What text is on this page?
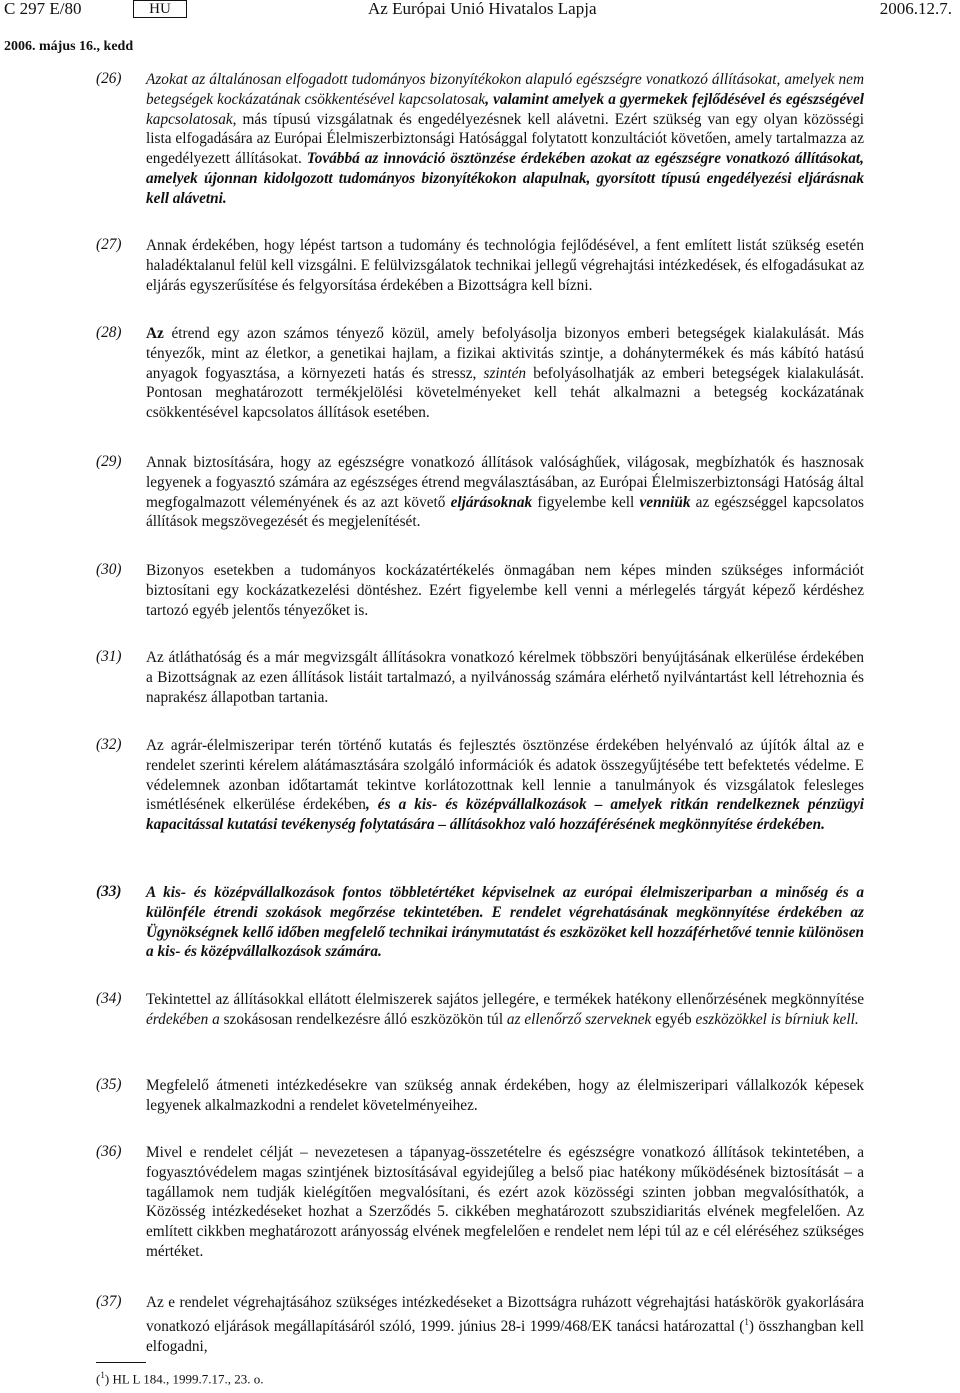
C 297 E/80	HU	Az Európai Unió Hivatalos Lapja	2006.12.7.
2006. május 16., kedd
(26) Azokat az általánosan elfogadott tudományos bizonyítékokon alapuló egészségre vonatkozó állításokat, amelyek nem betegségek kockázatának csökkentésével kapcsolatosak, valamint amelyek a gyermekek fejlődésével és egészségével kapcsolatosak, más típusú vizsgálatnak és engedélyezésnek kell alávetni. Ezért szükség van egy olyan közösségi lista elfogadására az Európai Élelmiszerbiztonsági Hatósággal folytatott konzultációt követően, amely tartalmazza az engedélyezett állításokat. Továbbá az innováció ösztönzése érdekében azokat az egészségre vonatkozó állításokat, amelyek újonnan kidolgozott tudományos bizonyítékokon alapulnak, gyorsított típusú engedélyezési eljárásnak kell alávetni.
(27) Annak érdekében, hogy lépést tartson a tudomány és technológia fejlődésével, a fent említett listát szükség esetén haladéktalanul felül kell vizsgálni. E felülvizsgálatok technikai jellegű végrehajtási intézkedések, és elfogadásukat az eljárás egyszerűsítése és felgyorsítása érdekében a Bizottságra kell bízni.
(28) Az étrend egy azon számos tényező közül, amely befolyásolja bizonyos emberi betegségek kialakulását. Más tényezők, mint az életkor, a genetikai hajlam, a fizikai aktivitás szintje, a dohánytermékek és más kábító hatású anyagok fogyasztása, a környezeti hatás és stressz, szintén befolyásolhatják az emberi betegségek kialakulását. Pontosan meghatározott termékjelölési követelményeket kell tehát alkalmazni a betegség kockázatának csökkentésével kapcsolatos állítások esetében.
(29) Annak biztosítására, hogy az egészségre vonatkozó állítások valósághűek, világosak, megbízhatók és hasznosak legyenek a fogyasztó számára az egészséges étrend megválasztásában, az Európai Élelmiszerbiztonsági Hatóság által megfogalmazott véleményének és az azt követő eljárásoknak figyelembe kell venniük az egészséggel kapcsolatos állítások megszövegezését és megjelenítését.
(30) Bizonyos esetekben a tudományos kockázatértékelés önmagában nem képes minden szükséges információt biztosítani egy kockázatkezelési döntéshez. Ezért figyelembe kell venni a mérlegelés tárgyát képező kérdéshez tartozó egyéb jelentős tényezőket is.
(31) Az átláthatóság és a már megvizsgált állításokra vonatkozó kérelmek többszöri benyújtásának elkerülése érdekében a Bizottságnak az ezen állítások listáit tartalmazó, a nyilvánosság számára elérhető nyilvántartást kell létrehoznia és naprakész állapotban tartania.
(32) Az agrár-élelmiszeripar terén történő kutatás és fejlesztés ösztönzése érdekében helyénvaló az újítók által az e rendelet szerinti kérelem alátámasztására szolgáló információk és adatok összegyűjtésébe tett befektetés védelme. E védelemnek azonban időtartamát tekintve korlátozottnak kell lennie a tanulmányok és vizsgálatok felesleges ismétlésének elkerülése érdekében, és a kis- és középvállalkozások – amelyek ritkán rendelkeznek pénzügyi kapacitással kutatási tevékenység folytatására – állításokhoz való hozzáférésének megkönnyítése érdekében.
(33) A kis- és középvállalkozások fontos többletértéket képviselnek az európai élelmiszeriparban a minőség és a különféle étrendi szokások megőrzése tekintetében. E rendelet végrehatásának megkönnyítése érdekében az Ügynökségnek kellő időben megfelelő technikai iránymutatást és eszközöket kell hozzáférhetővé tennie különösen a kis- és középvállalkozások számára.
(34) Tekintettel az állításokkal ellátott élelmiszerek sajátos jellegére, e termékek hatékony ellenőrzésének megkönnyítése érdekében a szokásosan rendelkezésre álló eszközökön túl az ellenőrző szerveknek egyéb eszközökkel is bírniuk kell.
(35) Megfelelő átmeneti intézkedésekre van szükség annak érdekében, hogy az élelmiszeripari vállalkozók képesek legyenek alkalmazkodni a rendelet követelményeihez.
(36) Mivel e rendelet célját – nevezetesen a tápanyag-összetételre és egészségre vonatkozó állítások tekintetében, a fogyasztóvédelem magas szintjének biztosításával egyidejűleg a belső piac hatékony működésének biztosítását – a tagállamok nem tudják kielégítően megvalósítani, és ezért azok közösségi szinten jobban megvalósíthatók, a Közösség intézkedéseket hozhat a Szerződés 5. cikkében meghatározott szubszidiaritás elvének megfelelően. Az említett cikkben meghatározott arányosság elvének megfelelően e rendelet nem lépi túl az e cél eléréséhez szükséges mértéket.
(37) Az e rendelet végrehajtásához szükséges intézkedéseket a Bizottságra ruházott végrehajtási hatáskörök gyakorlására vonatkozó eljárások megállapításáról szóló, 1999. június 28-i 1999/468/EK tanácsi határozattal ($^1$) összhangban kell elfogadni,
($^1$) HL L 184., 1999.7.17., 23. o.
